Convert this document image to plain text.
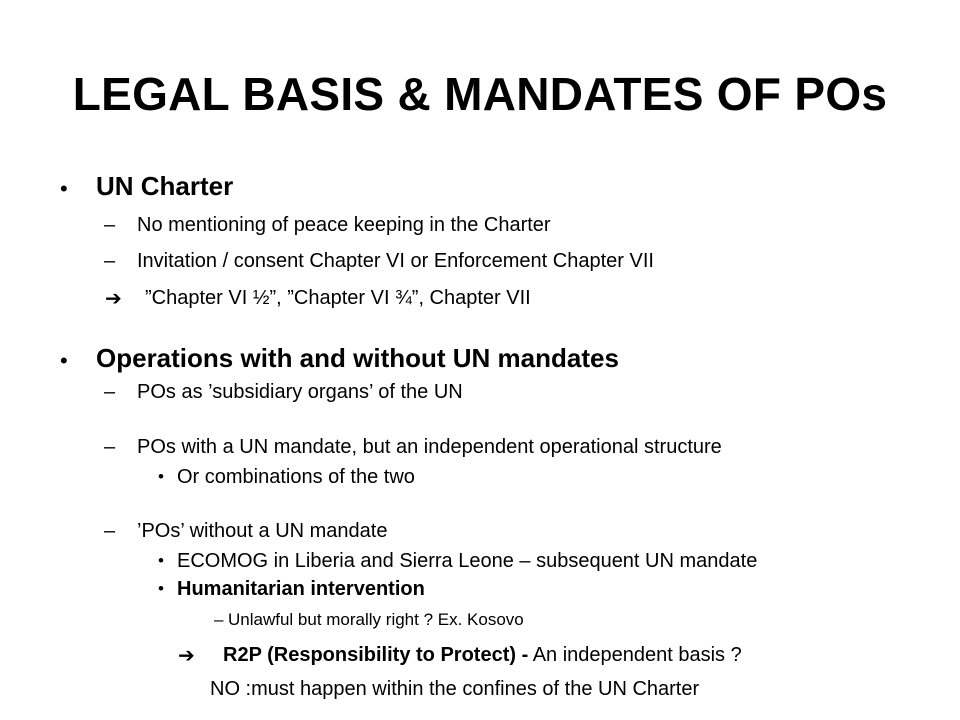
LEGAL BASIS & MANDATES OF POs
• UN Charter
– No mentioning of peace keeping in the Charter
– Invitation / consent Chapter VI or Enforcement Chapter VII
➔ ”Chapter VI ½”, ”Chapter VI ¾”, Chapter VII
• Operations with and without UN mandates
– POs as ’subsidiary organs’ of the UN
– POs with a UN mandate, but an independent operational structure
• Or combinations of the two
– ’POs’ without a UN mandate
• ECOMOG in Liberia and Sierra Leone – subsequent UN mandate
• Humanitarian intervention
– Unlawful but morally right ? Ex. Kosovo
➔ R2P (Responsibility to Protect) - An independent basis ?
NO :must happen within the confines of the UN Charter
